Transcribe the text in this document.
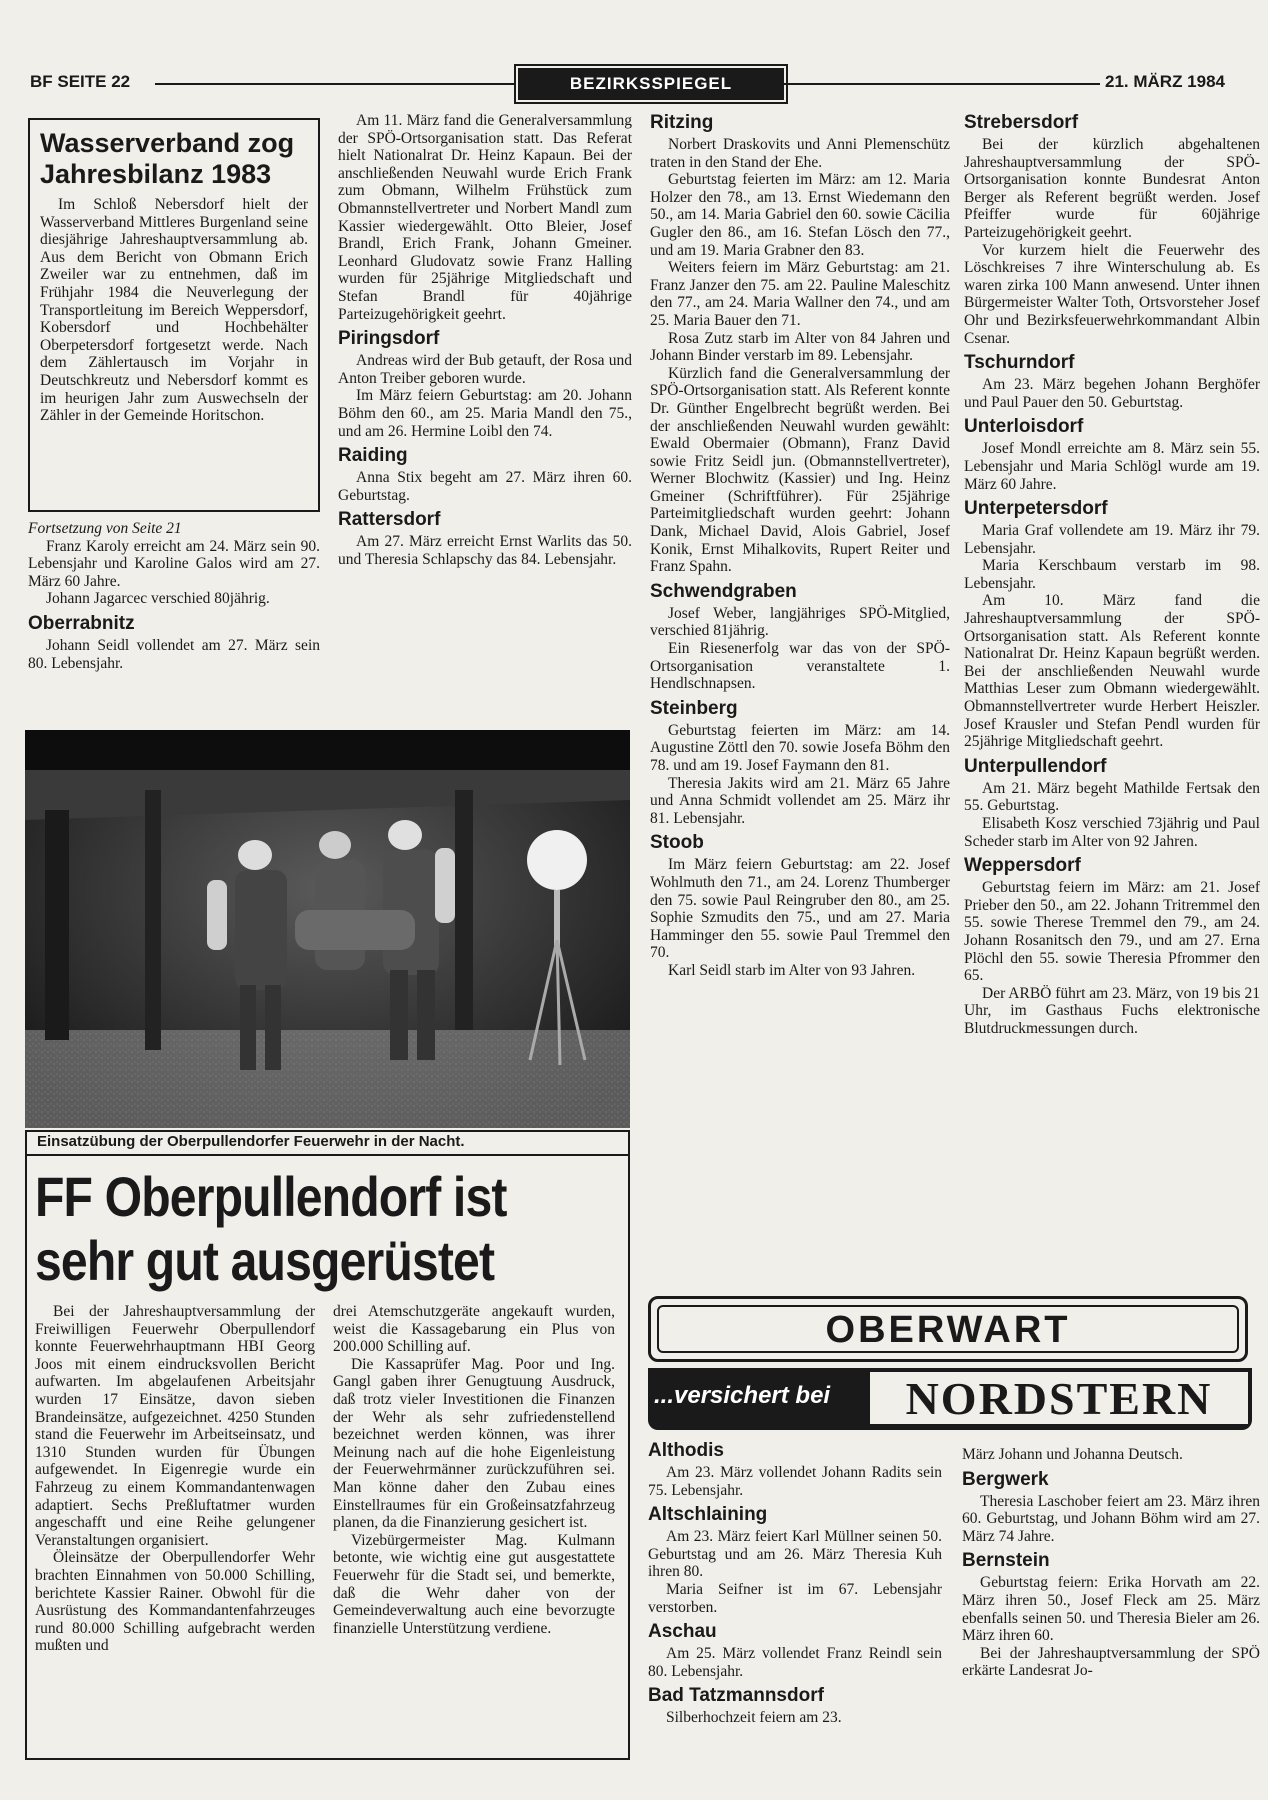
BF SEITE 22	BEZIRKSSPIEGEL	21. MÄRZ 1984
Wasserverband zog Jahresbilanz 1983

Im Schloß Nebersdorf hielt der Wasserverband Mittleres Burgenland seine diesjährige Jahreshauptversammlung ab. Aus dem Bericht von Obmann Erich Zweiler war zu entnehmen, daß im Frühjahr 1984 die Neuverlegung der Transportleitung im Bereich Weppersdorf, Kobersdorf und Hochbehälter Oberpetersdorf fortgesetzt werde. Nach dem Zählertausch im Vorjahr in Deutschkreutz und Nebersdorf kommt es im heurigen Jahr zum Auswechseln der Zähler in der Gemeinde Horitschon.

Fortsetzung von Seite 21

Franz Karoly erreicht am 24. März sein 90. Lebensjahr und Karoline Galos wird am 27. März 60 Jahre.

Johann Jagarcec verschied 80jährig.

Oberrabnitz

Johann Seidl vollendet am 27. März sein 80. Lebensjahr.

Am 11. März fand die Generalversammlung der SPÖ-Ortsorganisation statt. Das Referat hielt Nationalrat Dr. Heinz Kapaun. Bei der anschließenden Neuwahl wurde Erich Frank zum Obmann, Wilhelm Frühstück zum Obmannstellvertreter und Norbert Mandl zum Kassier wiedergewählt. Otto Bleier, Josef Brandl, Erich Frank, Johann Gmeiner. Leonhard Gludovatz sowie Franz Halling wurden für 25jährige Mitgliedschaft und Stefan Brandl für 40jährige Parteizugehörigkeit geehrt.

Piringsdorf

Andreas wird der Bub getauft, der Rosa und Anton Treiber geboren wurde.

Im März feiern Geburtstag: am 20. Johann Böhm den 60., am 25. Maria Mandl den 75., und am 26. Hermine Loibl den 74.

Raiding

Anna Stix begeht am 27. März ihren 60. Geburtstag.

Rattersdorf

Am 27. März erreicht Ernst Warlits das 50. und Theresia Schlapschy das 84. Lebensjahr.

Ritzing

Norbert Draskovits und Anni Plemenschütz traten in den Stand der Ehe.

Geburtstag feierten im März: am 12. Maria Holzer den 78., am 13. Ernst Wiedemann den 50., am 14. Maria Gabriel den 60. sowie Cäcilia Gugler den 86., am 16. Stefan Lösch den 77., und am 19. Maria Grabner den 83.

Weiters feiern im März Geburtstag: am 21. Franz Janzer den 75. am 22. Pauline Maleschitz den 77., am 24. Maria Wallner den 74., und am 25. Maria Bauer den 71.

Rosa Zutz starb im Alter von 84 Jahren und Johann Binder verstarb im 89. Lebensjahr.

Kürzlich fand die Generalversammlung der SPÖ-Ortsorganisation statt. Als Referent konnte Dr. Günther Engelbrecht begrüßt werden. Bei der anschließenden Neuwahl wurden gewählt: Ewald Obermaier (Obmann), Franz David sowie Fritz Seidl jun. (Obmannstellvertreter), Werner Blochwitz (Kassier) und Ing. Heinz Gmeiner (Schriftführer). Für 25jährige Parteimitgliedschaft wurden geehrt: Johann Dank, Michael David, Alois Gabriel, Josef Konik, Ernst Mihalkovits, Rupert Reiter und Franz Spahn.

Schwendgraben

Josef Weber, langjähriges SPÖ-Mitglied, verschied 81jährig.

Ein Riesenerfolg war das von der SPÖ-Ortsorganisation veranstaltete 1. Hendlschnapsen.

Steinberg

Geburtstag feierten im März: am 14. Augustine Zöttl den 70. sowie Josefa Böhm den 78. und am 19. Josef Faymann den 81.

Theresia Jakits wird am 21. März 65 Jahre und Anna Schmidt vollendet am 25. März ihr 81. Lebensjahr.

Stoob

Im März feiern Geburtstag: am 22. Josef Wohlmuth den 71., am 24. Lorenz Thumberger den 75. sowie Paul Reingruber den 80., am 25. Sophie Szmudits den 75., und am 27. Maria Hamminger den 55. sowie Paul Tremmel den 70.

Karl Seidl starb im Alter von 93 Jahren.

Strebersdorf

Bei der kürzlich abgehaltenen Jahreshauptversammlung der SPÖ-Ortsorganisation konnte Bundesrat Anton Berger als Referent begrüßt werden. Josef Pfeiffer wurde für 60jährige Parteizugehörigkeit geehrt.

Vor kurzem hielt die Feuerwehr des Löschkreises 7 ihre Winterschulung ab. Es waren zirka 100 Mann anwesend. Unter ihnen Bürgermeister Walter Toth, Ortsvorsteher Josef Ohr und Bezirksfeuerwehrkommandant Albin Csenar.

Tschurndorf

Am 23. März begehen Johann Berghöfer und Paul Pauer den 50. Geburtstag.

Unterloisdorf

Josef Mondl erreichte am 8. März sein 55. Lebensjahr und Maria Schlögl wurde am 19. März 60 Jahre.

Unterpetersdorf

Maria Graf vollendete am 19. März ihr 79. Lebensjahr.

Maria Kerschbaum verstarb im 98. Lebensjahr.

Am 10. März fand die Jahreshauptversammlung der SPÖ-Ortsorganisation statt. Als Referent konnte Nationalrat Dr. Heinz Kapaun begrüßt werden. Bei der anschließenden Neuwahl wurde Matthias Leser zum Obmann wiedergewählt. Obmannstellvertreter wurde Herbert Heiszler. Josef Krausler und Stefan Pendl wurden für 25jährige Mitgliedschaft geehrt.

Unterpullendorf

Am 21. März begeht Mathilde Fertsak den 55. Geburtstag.

Elisabeth Kosz verschied 73jährig und Paul Scheder starb im Alter von 92 Jahren.

Weppersdorf

Geburtstag feiern im März: am 21. Josef Prieber den 50., am 22. Johann Tritremmel den 55. sowie Therese Tremmel den 79., am 24. Johann Rosanitsch den 79., und am 27. Erna Plöchl den 55. sowie Theresia Pfrommer den 65.

Der ARBÖ führt am 23. März, von 19 bis 21 Uhr, im Gasthaus Fuchs elektronische Blutdruckmessungen durch.

Einsatzübung der Oberpullendorfer Feuerwehr in der Nacht.
FF Oberpullendorf ist
sehr gut ausgerüstet

Bei der Jahreshauptversammlung der Freiwilligen Feuerwehr Oberpullendorf konnte Feuerwehrhauptmann HBI Georg Joos mit einem eindrucksvollen Bericht aufwarten. Im abgelaufenen Arbeitsjahr wurden 17 Einsätze, davon sieben Brandeinsätze, aufgezeichnet. 4250 Stunden stand die Feuerwehr im Arbeitseinsatz, und 1310 Stunden wurden für Übungen aufgewendet. In Eigenregie wurde ein Fahrzeug zu einem Kommandantenwagen adaptiert. Sechs Preßluftatmer wurden angeschafft und eine Reihe gelungener Veranstaltungen organisiert.

Öleinsätze der Oberpullendorfer Wehr brachten Einnahmen von 50.000 Schilling, berichtete Kassier Rainer. Obwohl für die Ausrüstung des Kommandantenfahrzeuges rund 80.000 Schilling aufgebracht werden mußten und

drei Atemschutzgeräte angekauft wurden, weist die Kassagebarung ein Plus von 200.000 Schilling auf.

Die Kassaprüfer Mag. Poor und Ing. Gangl gaben ihrer Genugtuung Ausdruck, daß trotz vieler Investitionen die Finanzen der Wehr als sehr zufriedenstellend bezeichnet werden können, was ihrer Meinung nach auf die hohe Eigenleistung der Feuerwehrmänner zurückzuführen sei. Man könne daher den Zubau eines Einstellraumes für ein Großeinsatzfahrzeug planen, da die Finanzierung gesichert ist.

Vizebürgermeister Mag. Kulmann betonte, wie wichtig eine gut ausgestattete Feuerwehr für die Stadt sei, und bemerkte, daß die Wehr daher von der Gemeindeverwaltung auch eine bevorzugte finanzielle Unterstützung verdiene.

OBERWART
...versichert bei	NORDSTERN
Althodis

Am 23. März vollendet Johann Radits sein 75. Lebensjahr.

Altschlaining

Am 23. März feiert Karl Müllner seinen 50. Geburtstag und am 26. März Theresia Kuh ihren 80.

Maria Seifner ist im 67. Lebensjahr verstorben.

Aschau

Am 25. März vollendet Franz Reindl sein 80. Lebensjahr.

Bad Tatzmannsdorf

Silberhochzeit feiern am 23.

März Johann und Johanna Deutsch.

Bergwerk

Theresia Laschober feiert am 23. März ihren 60. Geburtstag, und Johann Böhm wird am 27. März 74 Jahre.

Bernstein

Geburtstag feiern: Erika Horvath am 22. März ihren 50., Josef Fleck am 25. März ebenfalls seinen 50. und Theresia Bieler am 26. März ihren 60.

Bei der Jahreshauptversammlung der SPÖ erkärte Landesrat Jo-
